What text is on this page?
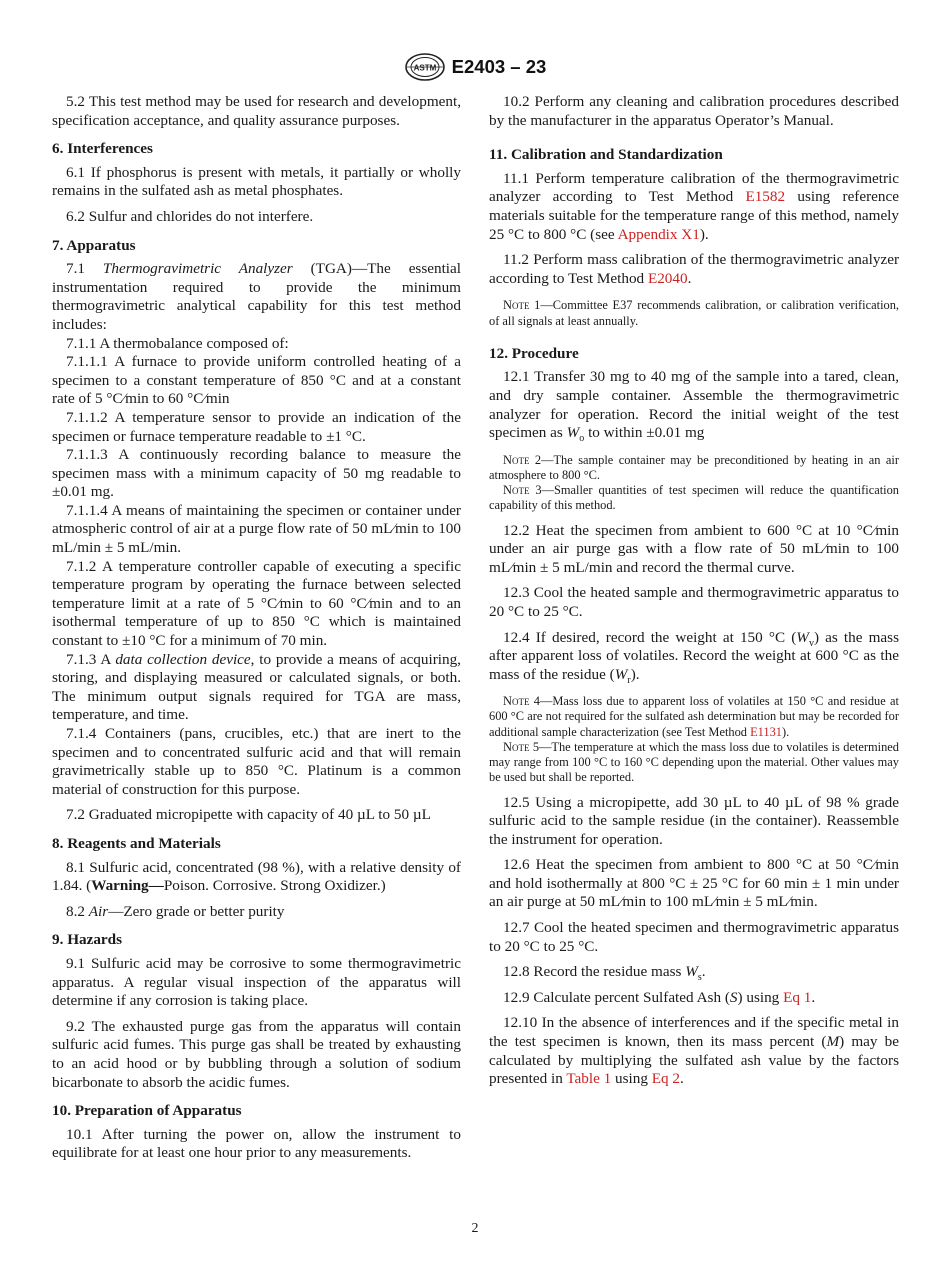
ASTM E2403 – 23

5.2 This test method may be used for research and development, specification acceptance, and quality assurance purposes.

6. Interferences

6.1 If phosphorus is present with metals, it partially or wholly remains in the sulfated ash as metal phosphates.

6.2 Sulfur and chlorides do not interfere.

7. Apparatus

7.1 Thermogravimetric Analyzer (TGA)—The essential instrumentation required to provide the minimum thermogravimetric analytical capability for this test method includes:

7.1.1 A thermobalance composed of:

7.1.1.1 A furnace to provide uniform controlled heating of a specimen to a constant temperature of 850 °C and at a constant rate of 5 °C⁄min to 60 °C⁄min

7.1.1.2 A temperature sensor to provide an indication of the specimen or furnace temperature readable to ±1 °C.

7.1.1.3 A continuously recording balance to measure the specimen mass with a minimum capacity of 50 mg readable to ±0.01 mg.

7.1.1.4 A means of maintaining the specimen or container under atmospheric control of air at a purge flow rate of 50 mL⁄min to 100 mL/min ± 5 mL/min.

7.1.2 A temperature controller capable of executing a specific temperature program by operating the furnace between selected temperature limit at a rate of 5 °C⁄min to 60 °C⁄min and to an isothermal temperature of up to 850 °C which is maintained constant to ±10 °C for a minimum of 70 min.

7.1.3 A data collection device, to provide a means of acquiring, storing, and displaying measured or calculated signals, or both. The minimum output signals required for TGA are mass, temperature, and time.

7.1.4 Containers (pans, crucibles, etc.) that are inert to the specimen and to concentrated sulfuric acid and that will remain gravimetrically stable up to 850 °C. Platinum is a common material of construction for this purpose.

7.2 Graduated micropipette with capacity of 40 µL to 50 µL

8. Reagents and Materials

8.1 Sulfuric acid, concentrated (98 %), with a relative density of 1.84. (Warning—Poison. Corrosive. Strong Oxidizer.)

8.2 Air—Zero grade or better purity

9. Hazards

9.1 Sulfuric acid may be corrosive to some thermogravimetric apparatus. A regular visual inspection of the apparatus will determine if any corrosion is taking place.

9.2 The exhausted purge gas from the apparatus will contain sulfuric acid fumes. This purge gas shall be treated by exhausting to an acid hood or by bubbling through a solution of sodium bicarbonate to absorb the acidic fumes.

10. Preparation of Apparatus

10.1 After turning the power on, allow the instrument to equilibrate for at least one hour prior to any measurements.

10.2 Perform any cleaning and calibration procedures described by the manufacturer in the apparatus Operator’s Manual.

11. Calibration and Standardization

11.1 Perform temperature calibration of the thermogravimetric analyzer according to Test Method E1582 using reference materials suitable for the temperature range of this method, namely 25 °C to 800 °C (see Appendix X1).

11.2 Perform mass calibration of the thermogravimetric analyzer according to Test Method E2040.

Note 1—Committee E37 recommends calibration, or calibration verification, of all signals at least annually.

12. Procedure

12.1 Transfer 30 mg to 40 mg of the sample into a tared, clean, and dry sample container. Assemble the thermogravimetric analyzer for operation. Record the initial weight of the test specimen as $W_o$ to within ±0.01 mg

Note 2—The sample container may be preconditioned by heating in an air atmosphere to 800 °C.

Note 3—Smaller quantities of test specimen will reduce the quantification capability of this method.

12.2 Heat the specimen from ambient to 600 °C at 10 °C⁄min under an air purge gas with a flow rate of 50 mL⁄min to 100 mL⁄min ± 5 mL/min and record the thermal curve.

12.3 Cool the heated sample and thermogravimetric apparatus to 20 °C to 25 °C.

12.4 If desired, record the weight at 150 °C $(W_v)$ as the mass after apparent loss of volatiles. Record the weight at 600 °C as the mass of the residue $(W_r)$.

Note 4—Mass loss due to apparent loss of volatiles at 150 °C and residue at 600 °C are not required for the sulfated ash determination but may be recorded for additional sample characterization (see Test Method E1131).

Note 5—The temperature at which the mass loss due to volatiles is determined may range from 100 °C to 160 °C depending upon the material. Other values may be used but shall be reported.

12.5 Using a micropipette, add 30 µL to 40 µL of 98 % grade sulfuric acid to the sample residue (in the container). Reassemble the instrument for operation.

12.6 Heat the specimen from ambient to 800 °C at 50 °C⁄min and hold isothermally at 800 °C ± 25 °C for 60 min ± 1 min under an air purge at 50 mL⁄min to 100 mL⁄min ± 5 mL⁄min.

12.7 Cool the heated specimen and thermogravimetric apparatus to 20 °C to 25 °C.

12.8 Record the residue mass $W_s$.

12.9 Calculate percent Sulfated Ash (S) using Eq 1.

12.10 In the absence of interferences and if the specific metal in the test specimen is known, then its mass percent (M) may be calculated by multiplying the sulfated ash value by the factors presented in Table 1 using Eq 2.

2
